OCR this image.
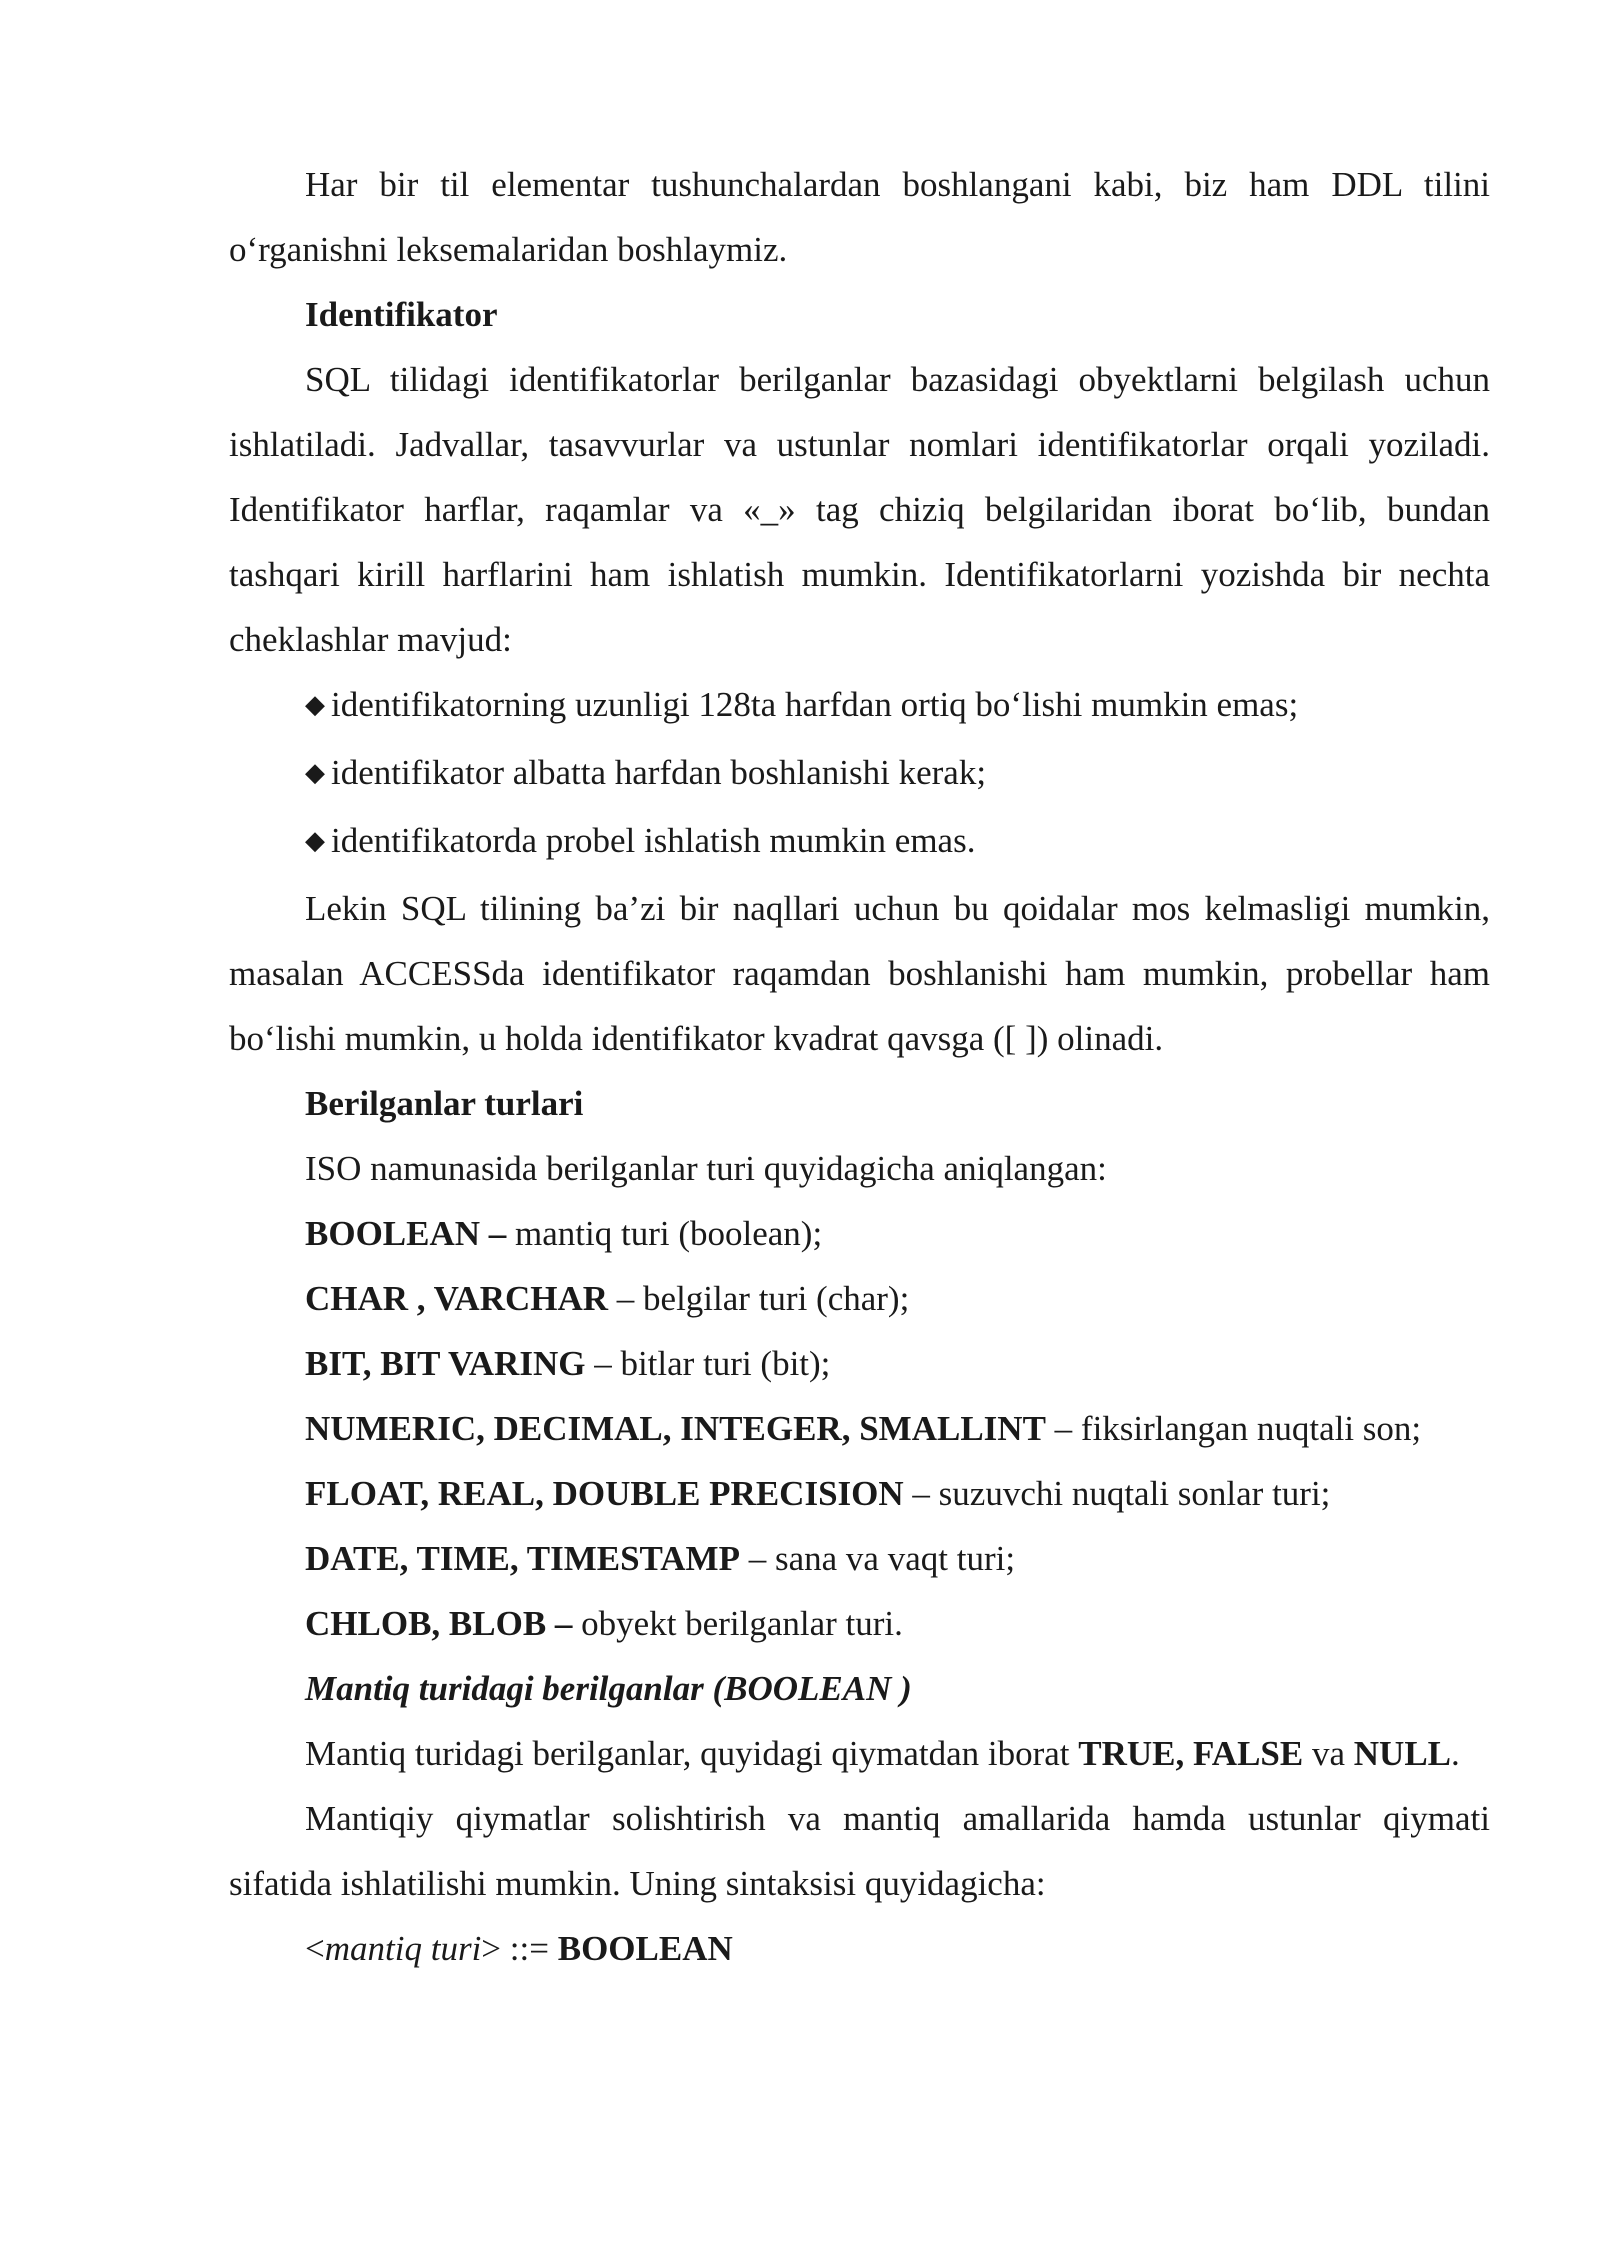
Har bir til elementar tushunchalardan boshlangani kabi, biz ham DDL tilini

o‘rganishni leksemalaridan boshlaymiz.

Identifikator

SQL tilidagi identifikatorlar berilganlar bazasidagi obyektlarni belgilash uchun ishlatiladi. Jadvallar, tasavvurlar va ustunlar nomlari identifikatorlar orqali yoziladi. Identifikator harflar, raqamlar va «_» tag chiziq belgilaridan iborat bo‘lib, bundan tashqari kirill harflarini ham ishlatish mumkin. Identifikatorlarni yozishda bir nechta cheklashlar mavjud:

◆ identifikatorning uzunligi 128ta harfdan ortiq bo‘lishi mumkin emas;

◆ identifikator albatta harfdan boshlanishi kerak;

◆ identifikatorda probel ishlatish mumkin emas.

Lekin SQL tilining ba’zi bir naqllari uchun bu qoidalar mos kelmasligi mumkin, masalan ACCESSda identifikator raqamdan boshlanishi ham mumkin, probellar ham bo‘lishi mumkin, u holda identifikator kvadrat qavsga ([ ]) olinadi.

Berilganlar turlari

ISO namunasida berilganlar turi quyidagicha aniqlangan:

BOOLEAN – mantiq turi (boolean);

CHAR , VARCHAR – belgilar turi (char);

BIT, BIT VARING – bitlar turi (bit);

NUMERIC, DECIMAL, INTEGER, SMALLINT – fiksirlangan nuqtali son;

FLOAT, REAL, DOUBLE PRECISION – suzuvchi nuqtali sonlar turi;

DATE, TIME, TIMESTAMP – sana va vaqt turi;

CHLOB, BLOB – obyekt berilganlar turi.

Mantiq turidagi berilganlar (BOOLEAN )

Mantiq turidagi berilganlar, quyidagi qiymatdan iborat TRUE, FALSE va NULL.

Mantiqiy qiymatlar solishtirish va mantiq amallarida hamda ustunlar qiymati sifatida ishlatilishi mumkin. Uning sintaksisi quyidagicha:

<mantiq turi> ::= BOOLEAN
